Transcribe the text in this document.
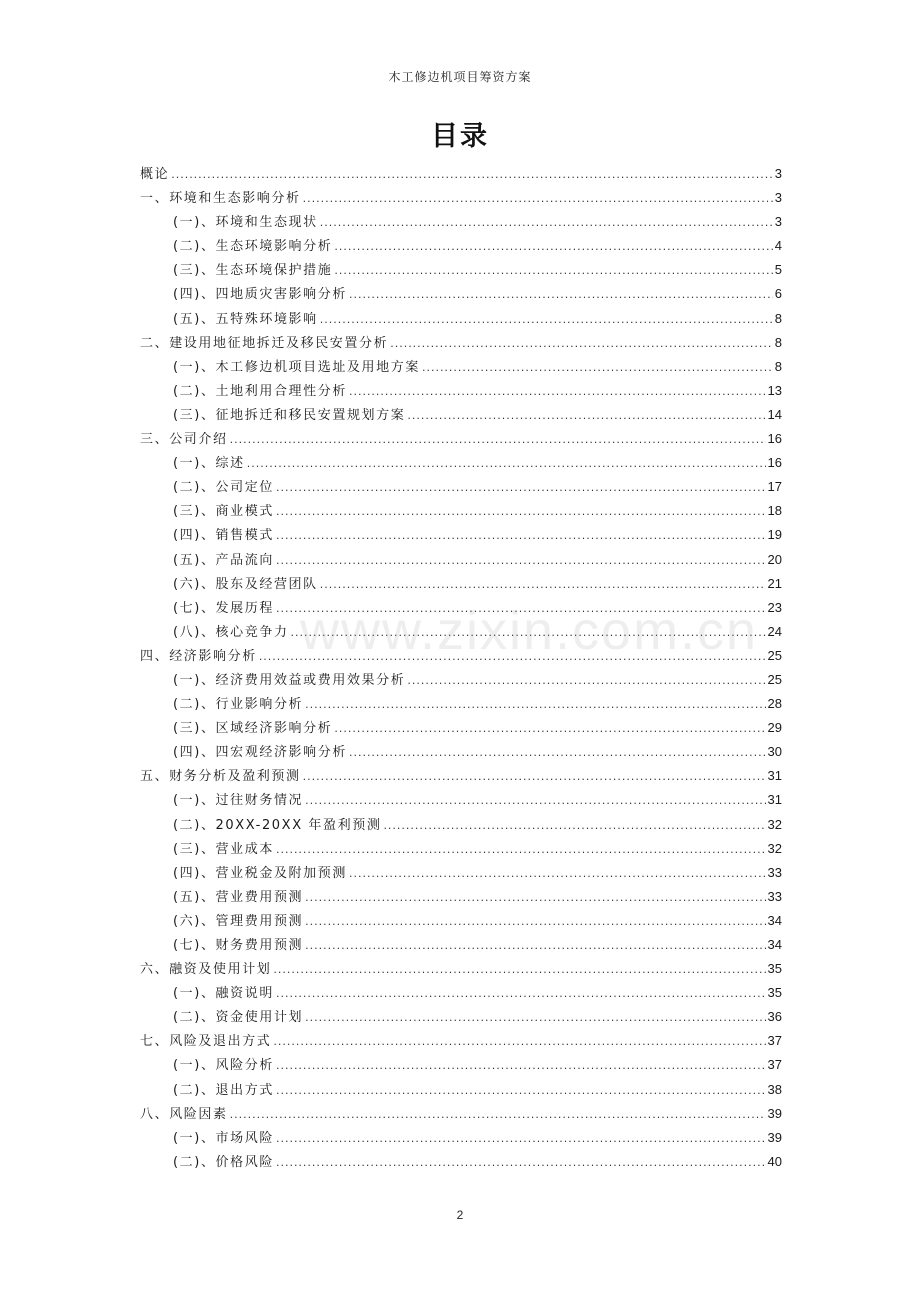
木工修边机项目筹资方案
目录
概论 .....	3
一、环境和生态影响分析 .....	3
(一)、环境和生态现状 .....	3
(二)、生态环境影响分析 .....	4
(三)、生态环境保护措施 .....	5
(四)、四地质灾害影响分析 .....	6
(五)、五特殊环境影响 .....	8
二、建设用地征地拆迁及移民安置分析 .....	8
(一)、木工修边机项目选址及用地方案 .....	8
(二)、土地利用合理性分析 .....	13
(三)、征地拆迁和移民安置规划方案 .....	14
三、公司介绍 .....	16
(一)、综述 .....	16
(二)、公司定位 .....	17
(三)、商业模式 .....	18
(四)、销售模式 .....	19
(五)、产品流向 .....	20
(六)、股东及经营团队 .....	21
(七)、发展历程 .....	23
(八)、核心竞争力 .....	24
四、经济影响分析 .....	25
(一)、经济费用效益或费用效果分析 .....	25
(二)、行业影响分析 .....	28
(三)、区域经济影响分析 .....	29
(四)、四宏观经济影响分析 .....	30
五、财务分析及盈利预测 .....	31
(一)、过往财务情况 .....	31
(二)、20XX-20XX 年盈利预测 .....	32
(三)、营业成本 .....	32
(四)、营业税金及附加预测 .....	33
(五)、营业费用预测 .....	33
(六)、管理费用预测 .....	34
(七)、财务费用预测 .....	34
六、融资及使用计划 .....	35
(一)、融资说明 .....	35
(二)、资金使用计划 .....	36
七、风险及退出方式 .....	37
(一)、风险分析 .....	37
(二)、退出方式 .....	38
八、风险因素 .....	39
(一)、市场风险 .....	39
(二)、价格风险 .....	40
www.zixin.com.cn
2
